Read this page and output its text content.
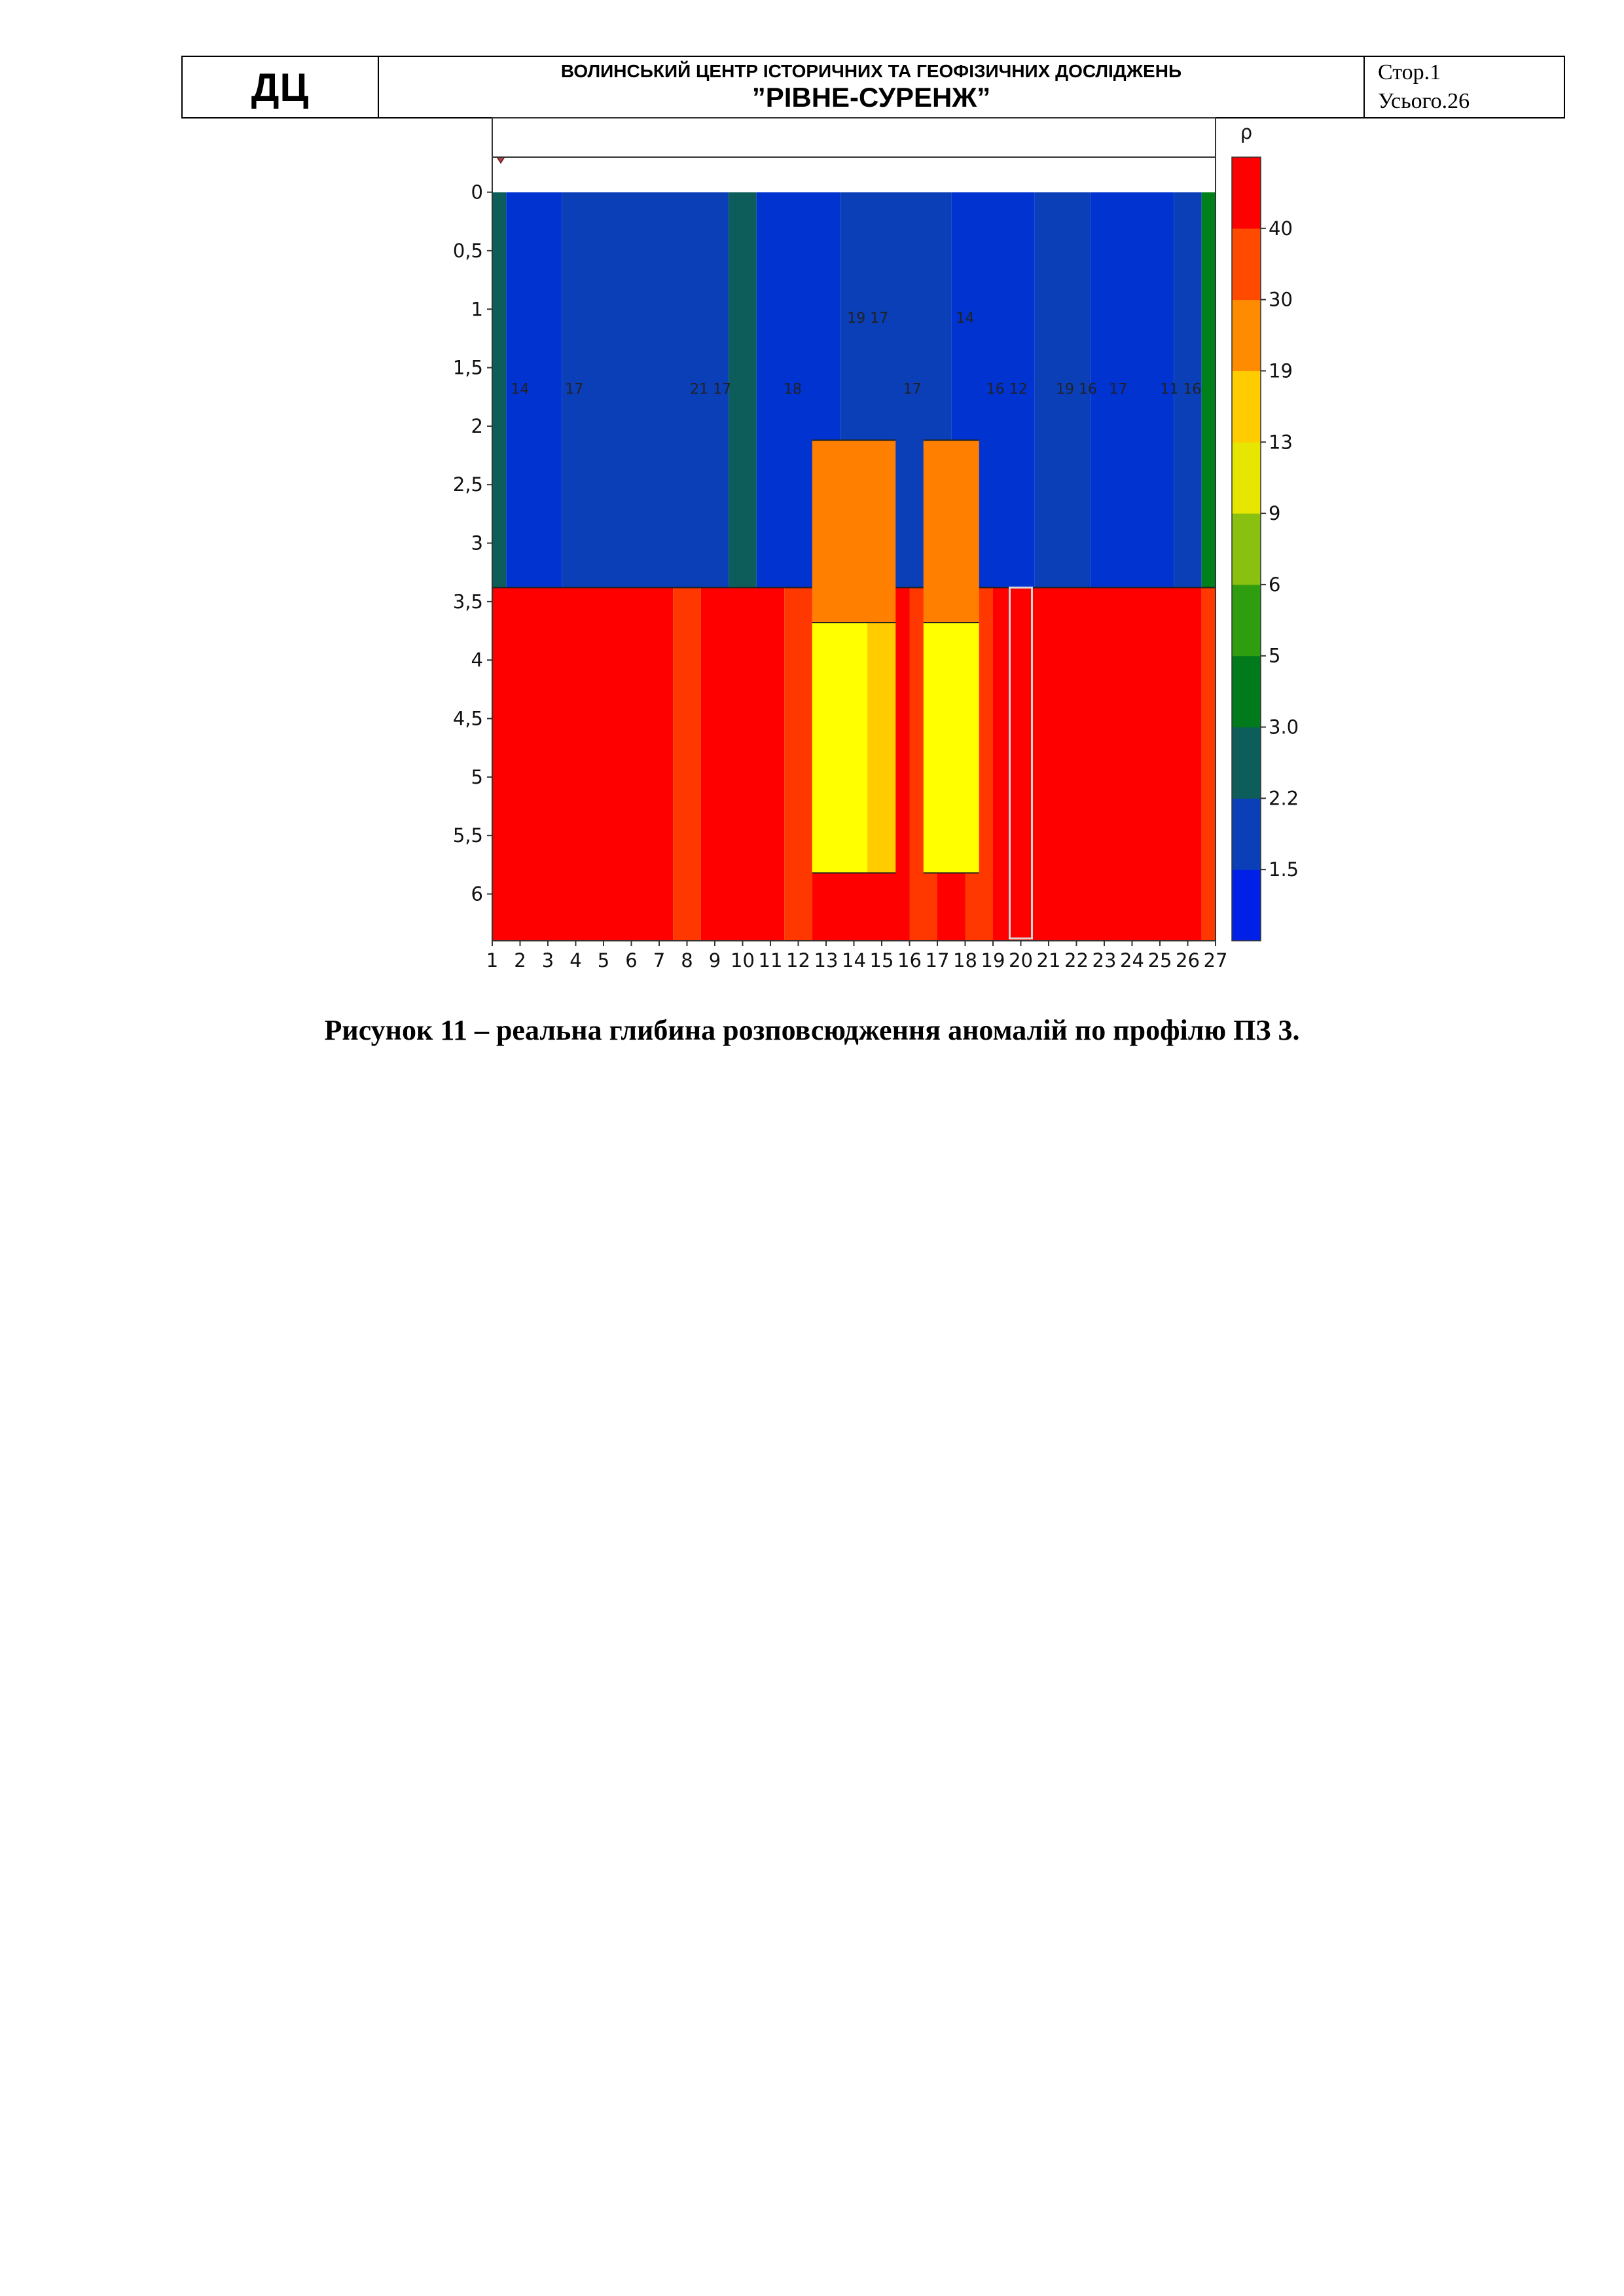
ДЦ	ВОЛИНСЬКИЙ ЦЕНТР ІСТОРИЧНИХ ТА ГЕОФІЗИЧНИХ ДОСЛІДЖЕНЬ
”РІВНЕ-СУРЕНЖ”
Стор.1
Усього.26
19 17	14
14 17	21 17	18	17	16 12 19 16 17 11 16
0
0,5
1
1,5
2
2,5
3
3,5
4
4,5
5
5,5
6
1 2 3 4 5 6 7 8 9 10 11 12 13 14 15 16 17 18 19 20 21 22 23 24 25 26 27
1.5
2.2
3.0
5
6
9
13
19
30
40
ρ
Рисунок 11 – реальна глибина розповсюдження аномалій по профілю ПЗ 3.
